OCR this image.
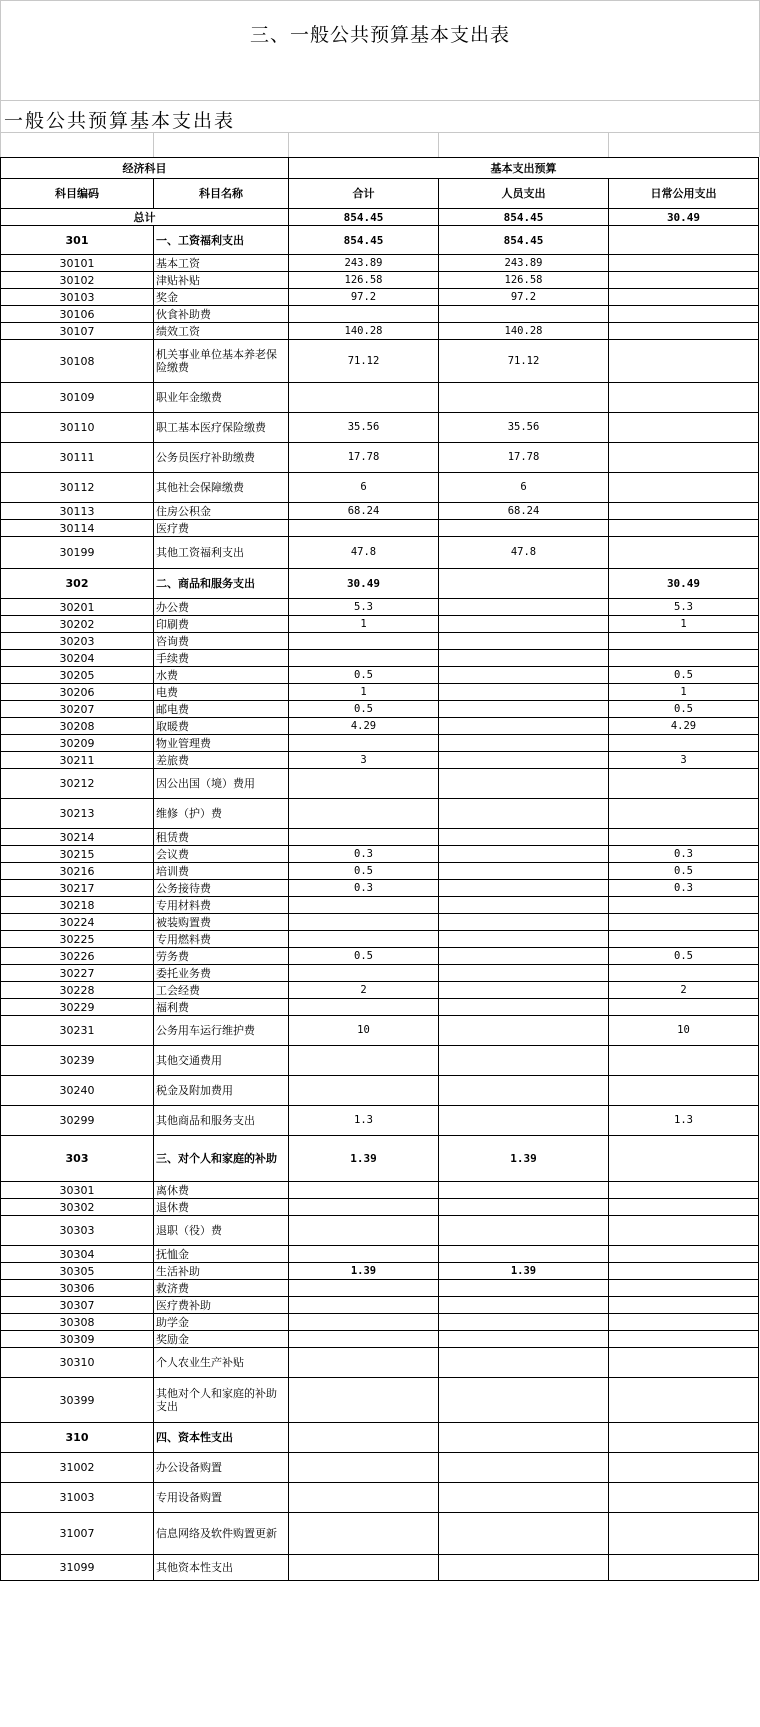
三、一般公共预算基本支出表
一般公共预算基本支出表
经济科目		基本支出预算		
科目编码	科目名称	合计	人员支出	日常公用支出
总计		854.45	854.45	30.49
301	一、工资福利支出	854.45	854.45	
30101	基本工资	243.89	243.89	
30102	津贴补贴	126.58	126.58	
30103	奖金	97.2	97.2	
30106	伙食补助费			
30107	绩效工资	140.28	140.28	
30108	机关事业单位基本养老保险缴费	71.12	71.12	
30109	职业年金缴费			
30110	职工基本医疗保险缴费	35.56	35.56	
30111	公务员医疗补助缴费	17.78	17.78	
30112	其他社会保障缴费	6	6	
30113	住房公积金	68.24	68.24	
30114	医疗费			
30199	其他工资福利支出	47.8	47.8	
302	二、商品和服务支出	30.49		30.49
30201	办公费	5.3		5.3
30202	印刷费	1		1
30203	咨询费			
30204	手续费			
30205	水费	0.5		0.5
30206	电费	1		1
30207	邮电费	0.5		0.5
30208	取暖费	4.29		4.29
30209	物业管理费			
30211	差旅费	3		3
30212	因公出国（境）费用			
30213	维修（护）费			
30214	租赁费			
30215	会议费	0.3		0.3
30216	培训费	0.5		0.5
30217	公务接待费	0.3		0.3
30218	专用材料费			
30224	被装购置费			
30225	专用燃料费			
30226	劳务费	0.5		0.5
30227	委托业务费			
30228	工会经费	2		2
30229	福利费			
30231	公务用车运行维护费	10		10
30239	其他交通费用			
30240	税金及附加费用			
30299	其他商品和服务支出	1.3		1.3
303	三、对个人和家庭的补助	1.39	1.39	
30301	离休费			
30302	退休费			
30303	退职（役）费			
30304	抚恤金			
30305	生活补助	1.39	1.39	
30306	救济费			
30307	医疗费补助			
30308	助学金			
30309	奖励金			
30310	个人农业生产补贴			
30399	其他对个人和家庭的补助支出			
310	四、资本性支出			
31002	办公设备购置			
31003	专用设备购置			
31007	信息网络及软件购置更新			
31099	其他资本性支出			
